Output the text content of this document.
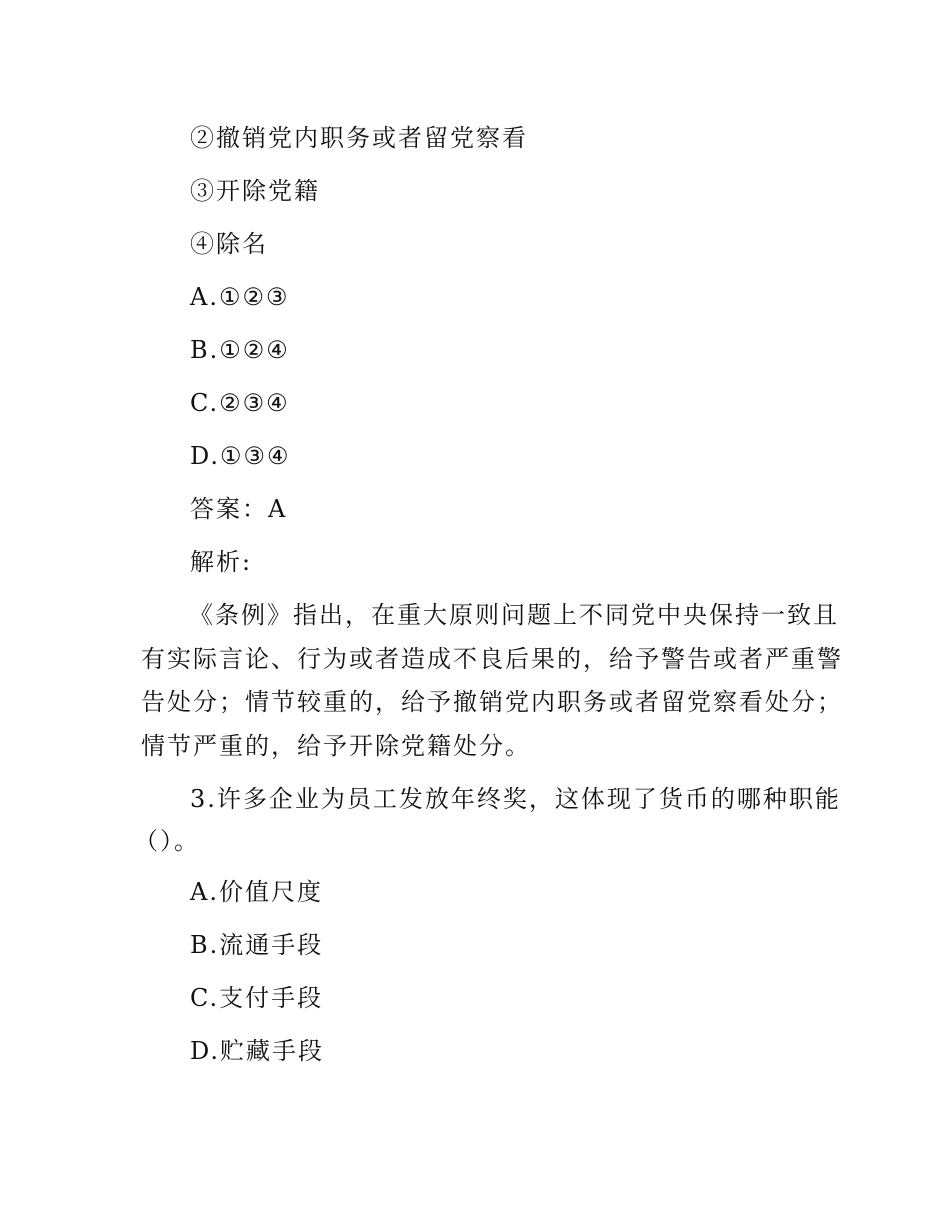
②撤销党内职务或者留党察看
③开除党籍
④除名
A.①②③
B.①②④
C.②③④
D.①③④
答案：A
解析:
《条例》指出，在重大原则问题上不同党中央保持一致且
有实际言论、行为或者造成不良后果的，给予警告或者严重警
告处分；情节较重的，给予撤销党内职务或者留党察看处分；
情节严重的，给予开除党籍处分。
3.许多企业为员工发放年终奖，这体现了货币的哪种职能
（）。
A.价值尺度
B.流通手段
C.支付手段
D.贮藏手段
